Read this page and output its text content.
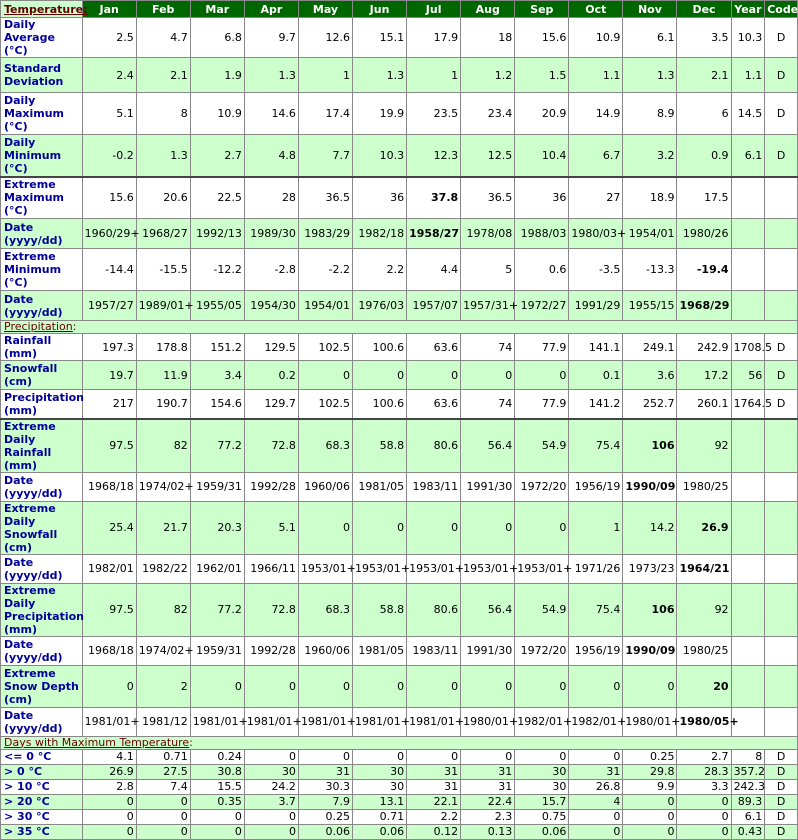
Temperature:	Jan	Feb	Mar	Apr	May	Jun	Jul	Aug	Sep	Oct	Nov	Dec	Year	Code
Daily Average (°C)	2.5	4.7	6.8	9.7	12.6	15.1	17.9	18	15.6	10.9	6.1	3.5	10.3	D
Standard Deviation	2.4	2.1	1.9	1.3	1	1.3	1	1.2	1.5	1.1	1.3	2.1	1.1	D
Daily Maximum (°C)	5.1	8	10.9	14.6	17.4	19.9	23.5	23.4	20.9	14.9	8.9	6	14.5	D
Daily Minimum (°C)	-0.2	1.3	2.7	4.8	7.7	10.3	12.3	12.5	10.4	6.7	3.2	0.9	6.1	D
Extreme Maximum (°C)	15.6	20.6	22.5	28	36.5	36	37.8	36.5	36	27	18.9	17.5		
Date (yyyy/dd)	1960/29+	1968/27	1992/13	1989/30	1983/29	1982/18	1958/27	1978/08	1988/03	1980/03+	1954/01	1980/26		
Extreme Minimum (°C)	-14.4	-15.5	-12.2	-2.8	-2.2	2.2	4.4	5	0.6	-3.5	-13.3	-19.4		
Date (yyyy/dd)	1957/27	1989/01+	1955/05	1954/30	1954/01	1976/03	1957/07	1957/31+	1972/27	1991/29	1955/15	1968/29		
Precipitation:														
Rainfall (mm)	197.3	178.8	151.2	129.5	102.5	100.6	63.6	74	77.9	141.1	249.1	242.9	1708.5	D
Snowfall (cm)	19.7	11.9	3.4	0.2	0	0	0	0	0	0.1	3.6	17.2	56	D
Precipitation (mm)	217	190.7	154.6	129.7	102.5	100.6	63.6	74	77.9	141.2	252.7	260.1	1764.5	D
Extreme Daily Rainfall (mm)	97.5	82	77.2	72.8	68.3	58.8	80.6	56.4	54.9	75.4	106	92		
Date (yyyy/dd)	1968/18	1974/02+	1959/31	1992/28	1960/06	1981/05	1983/11	1991/30	1972/20	1956/19	1990/09	1980/25		
Extreme Daily Snowfall (cm)	25.4	21.7	20.3	5.1	0	0	0	0	0	1	14.2	26.9		
Date (yyyy/dd)	1982/01	1982/22	1962/01	1966/11	1953/01+	1953/01+	1953/01+	1953/01+	1953/01+	1971/26	1973/23	1964/21		
Extreme Daily Precipitation (mm)	97.5	82	77.2	72.8	68.3	58.8	80.6	56.4	54.9	75.4	106	92		
Date (yyyy/dd)	1968/18	1974/02+	1959/31	1992/28	1960/06	1981/05	1983/11	1991/30	1972/20	1956/19	1990/09	1980/25		
Extreme Snow Depth (cm)	0	2	0	0	0	0	0	0	0	0	0	20		
Date (yyyy/dd)	1981/01+	1981/12	1981/01+	1981/01+	1981/01+	1981/01+	1981/01+	1980/01+	1982/01+	1982/01+	1980/01+	1980/05+		
Days with Maximum Temperature:														
<= 0 °C	4.1	0.71	0.24	0	0	0	0	0	0	0	0.25	2.7	8	D
> 0 °C	26.9	27.5	30.8	30	31	30	31	31	30	31	29.8	28.3	357.2	D
> 10 °C	2.8	7.4	15.5	24.2	30.3	30	31	31	30	26.8	9.9	3.3	242.3	D
> 20 °C	0	0	0.35	3.7	7.9	13.1	22.1	22.4	15.7	4	0	0	89.3	D
> 30 °C	0	0	0	0	0.25	0.71	2.2	2.3	0.75	0	0	0	6.1	D
> 35 °C	0	0	0	0	0.06	0.06	0.12	0.13	0.06	0	0	0	0.43	D
